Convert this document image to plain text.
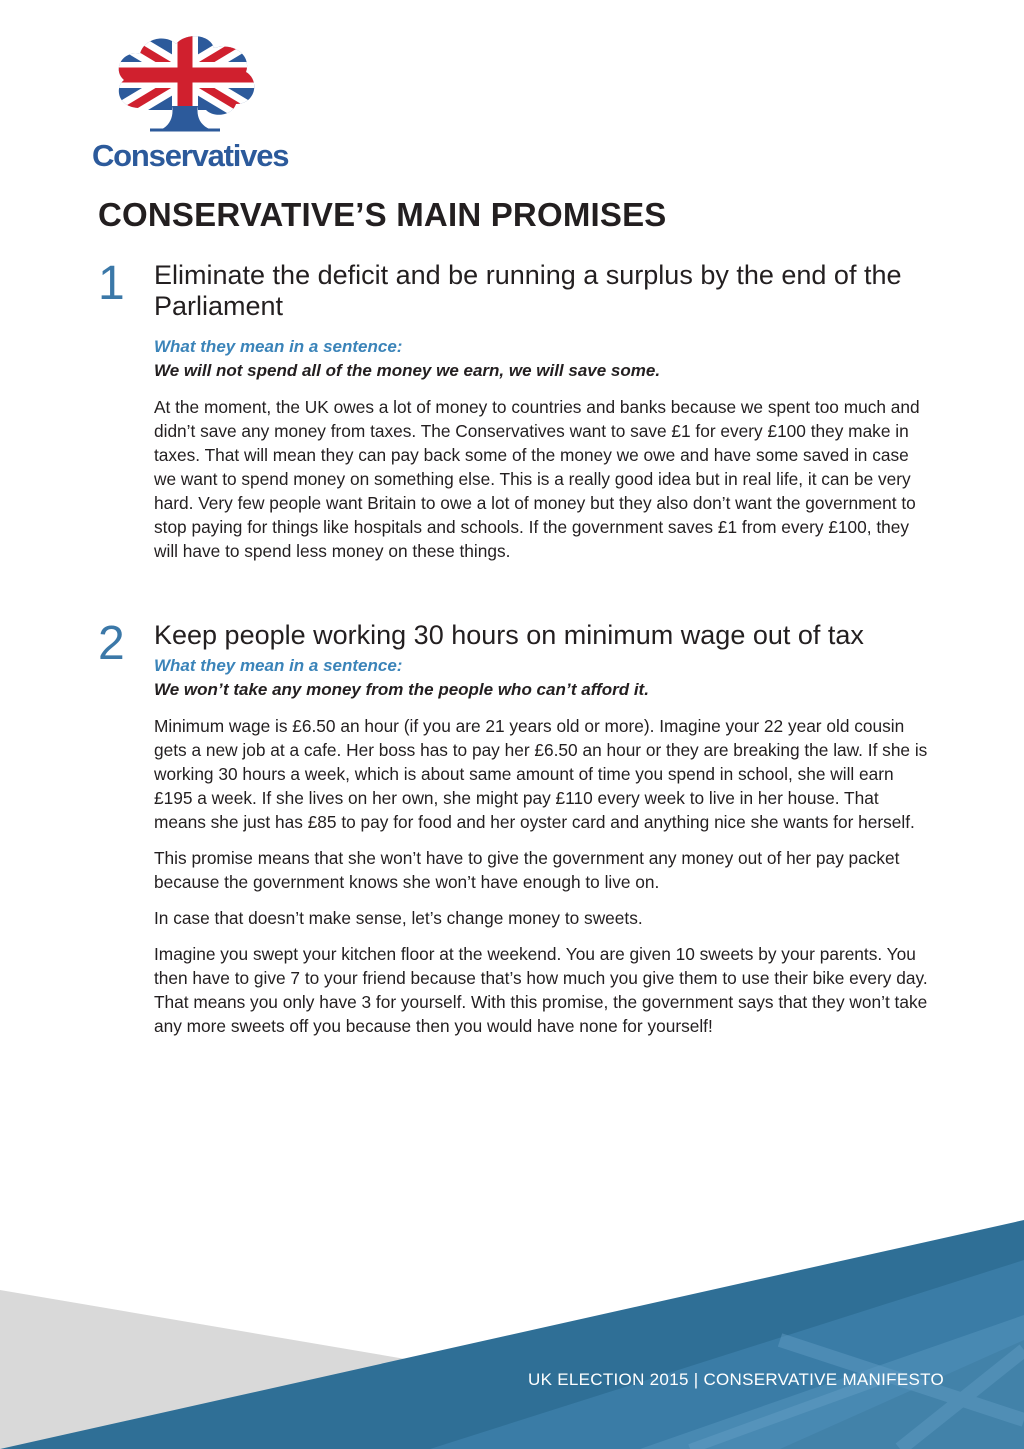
Conservatives
CONSERVATIVE’S MAIN PROMISES
1 Eliminate the deficit and be running a surplus by the end of the Parliament
What they mean in a sentence:
We will not spend all of the money we earn, we will save some.

At the moment, the UK owes a lot of money to countries and banks because we spent too much and didn’t save any money from taxes. The Conservatives want to save £1 for every £100 they make in taxes. That will mean they can pay back some of the money we owe and have some saved in case we want to spend money on something else. This is a really good idea but in real life, it can be very hard. Very few people want Britain to owe a lot of money but they also don’t want the government to stop paying for things like hospitals and schools. If the government saves £1 from every £100, they will have to spend less money on these things.

2 Keep people working 30 hours on minimum wage out of tax
What they mean in a sentence:
We won’t take any money from the people who can’t afford it.

Minimum wage is £6.50 an hour (if you are 21 years old or more). Imagine your 22 year old cousin gets a new job at a cafe. Her boss has to pay her £6.50 an hour or they are breaking the law. If she is working 30 hours a week, which is about same amount of time you spend in school, she will earn £195 a week. If she lives on her own, she might pay £110 every week to live in her house. That means she just has £85 to pay for food and her oyster card and anything nice she wants for herself.

This promise means that she won’t have to give the government any money out of her pay packet because the government knows she won’t have enough to live on.

In case that doesn’t make sense, let’s change money to sweets.

Imagine you swept your kitchen floor at the weekend. You are given 10 sweets by your parents. You then have to give 7 to your friend because that’s how much you give them to use their bike every day. That means you only have 3 for yourself. With this promise, the government says that they won’t take any more sweets off you because then you would have none for yourself!

UK ELECTION 2015 | CONSERVATIVE MANIFESTO
